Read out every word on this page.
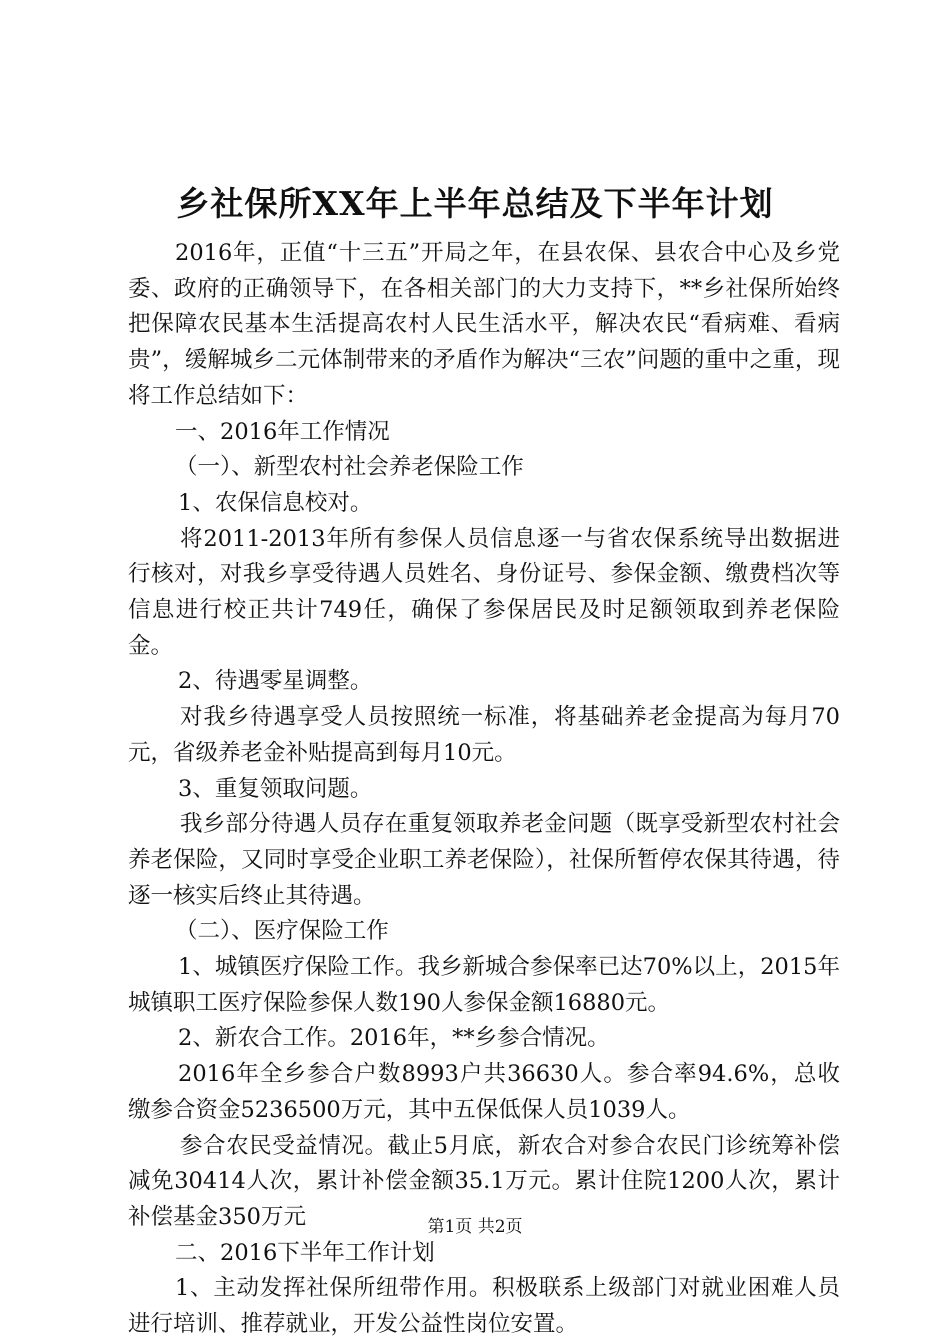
乡社保所XX年上半年总结及下半年计划

2016年，正值“十三五”开局之年，在县农保、县农合中心及乡党委、政府的正确领导下，在各相关部门的大力支持下，**乡社保所始终把保障农民基本生活提高农村人民生活水平，解决农民“看病难、看病贵”，缓解城乡二元体制带来的矛盾作为解决“三农”问题的重中之重，现将工作总结如下：

一、2016年工作情况

（一）、新型农村社会养老保险工作

1、农保信息校对。

将2011-2013年所有参保人员信息逐一与省农保系统导出数据进行核对，对我乡享受待遇人员姓名、身份证号、参保金额、缴费档次等信息进行校正共计749任，确保了参保居民及时足额领取到养老保险金。

2、待遇零星调整。

对我乡待遇享受人员按照统一标准，将基础养老金提高为每月70元，省级养老金补贴提高到每月10元。

3、重复领取问题。

我乡部分待遇人员存在重复领取养老金问题（既享受新型农村社会养老保险，又同时享受企业职工养老保险），社保所暂停农保其待遇，待逐一核实后终止其待遇。

（二）、医疗保险工作

1、城镇医疗保险工作。我乡新城合参保率已达70%以上，2015年城镇职工医疗保险参保人数190人参保金额16880元。

2、新农合工作。2016年，**乡参合情况。

2016年全乡参合户数8993户共36630人。参合率94.6%，总收缴参合资金5236500万元，其中五保低保人员1039人。

参合农民受益情况。截止5月底，新农合对参合农民门诊统筹补偿减免30414人次，累计补偿金额35.1万元。累计住院1200人次，累计补偿基金350万元

二、2016下半年工作计划

1、主动发挥社保所纽带作用。积极联系上级部门对就业困难人员进行培训、推荐就业，开发公益性岗位安置。

第1页 共2页
